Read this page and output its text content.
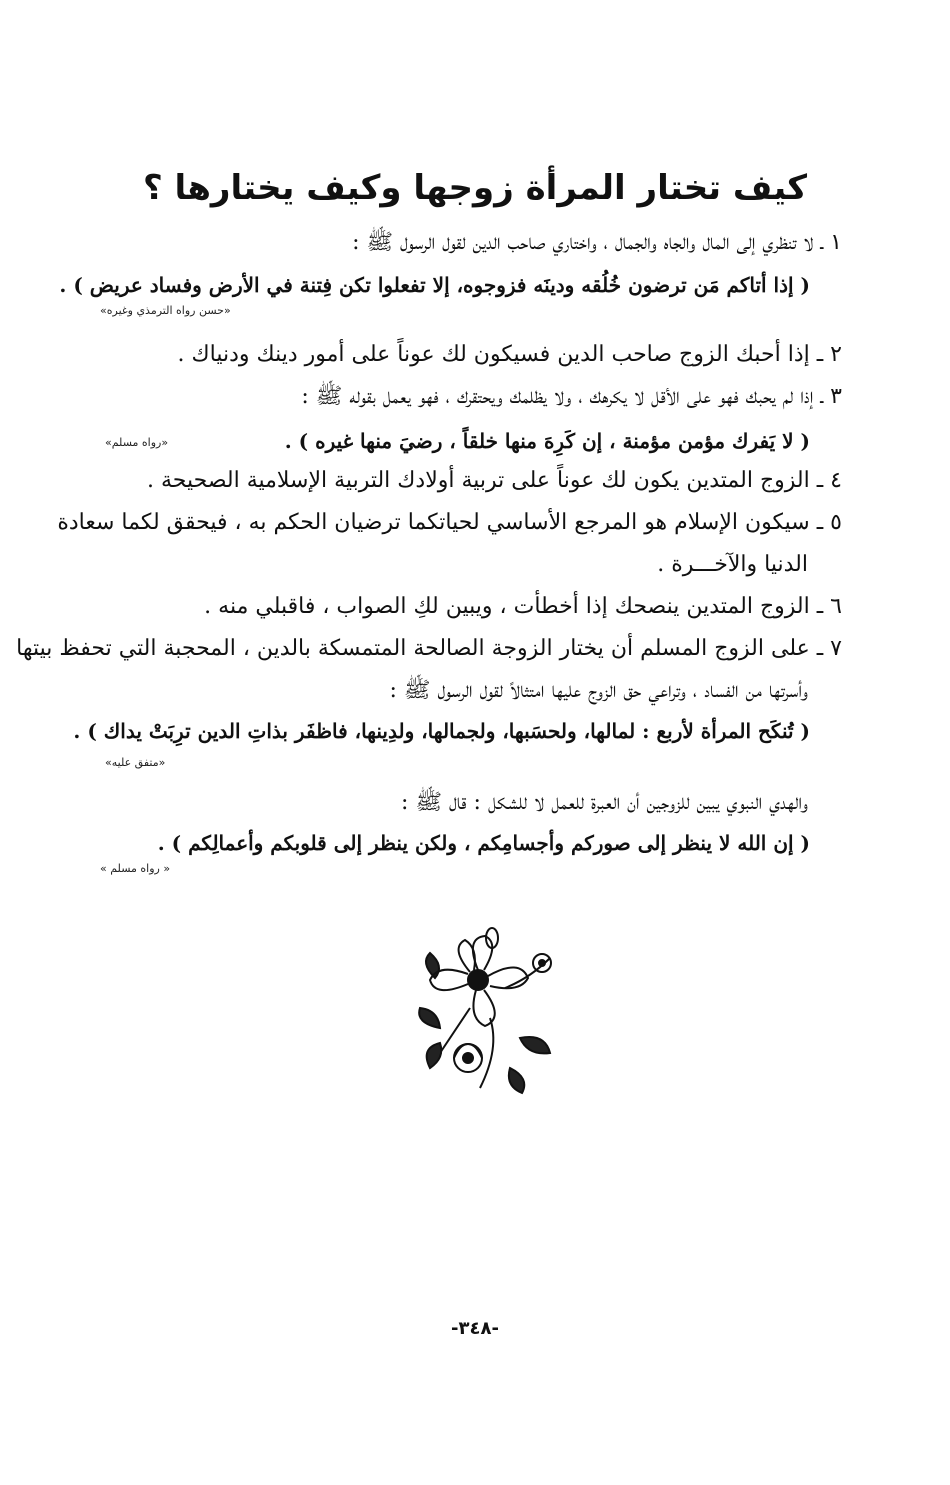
كيف تختار المرأة زوجها وكيف يختارها ؟
١ ـ لا تنظري إلى المال والجاه والجمال ، واختاري صاحب الدين لقول الرسول ﷺ :
( إذا أتاكم مَن ترضون خُلُقه ودينَه فزوجوه، إلا تفعلوا تكن فِتنة في الأرض وفساد عريض ) .
«حسن رواه الترمذي وغيره»
٢ ـ إذا أحبك الزوج صاحب الدين فسيكون لك عوناً على أمور دينك ودنياك .
٣ ـ إذا لم يحبك فهو على الأقل لا يكرهك ، ولا يظلمك ويحتقرك ، فهو يعمل بقوله ﷺ :
( لا يَفرك مؤمن مؤمنة ، إن كَرِهَ منها خلقاً ، رضيَ منها غيره ) .
«رواه مسلم»
٤ ـ الزوج المتدين يكون لك عوناً على تربية أولادك التربية الإسلامية الصحيحة .
٥ ـ سيكون الإسلام هو المرجع الأساسي لحياتكما ترضيان الحكم به ، فيحقق لكما سعادة
الدنيا والآخـــرة .
٦ ـ الزوج المتدين ينصحك إذا أخطأت ، ويبين لكِ الصواب ، فاقبلي منه .
٧ ـ على الزوج المسلم أن يختار الزوجة الصالحة المتمسكة بالدين ، المحجبة التي تحفظ بيتها
وأسرتها من الفساد ، وتراعي حق الزوج عليها امتثالاً لقول الرسول ﷺ :
( تُنكَح المرأة لأربع : لمالها، ولحسَبها، ولجمالها، ولدِينها، فاظفَر بذاتِ الدين ترِبَتْ يداك ) .
«متفق عليه»
والهدي النبوي يبين للزوجين أن العبرة للعمل لا للشكل : قال ﷺ :
( إن الله لا ينظر إلى صوركم وأجسامِكم ، ولكن ينظر إلى قلوبكم وأعمالِكم ) .
« رواه مسلم »
-٣٤٨-
